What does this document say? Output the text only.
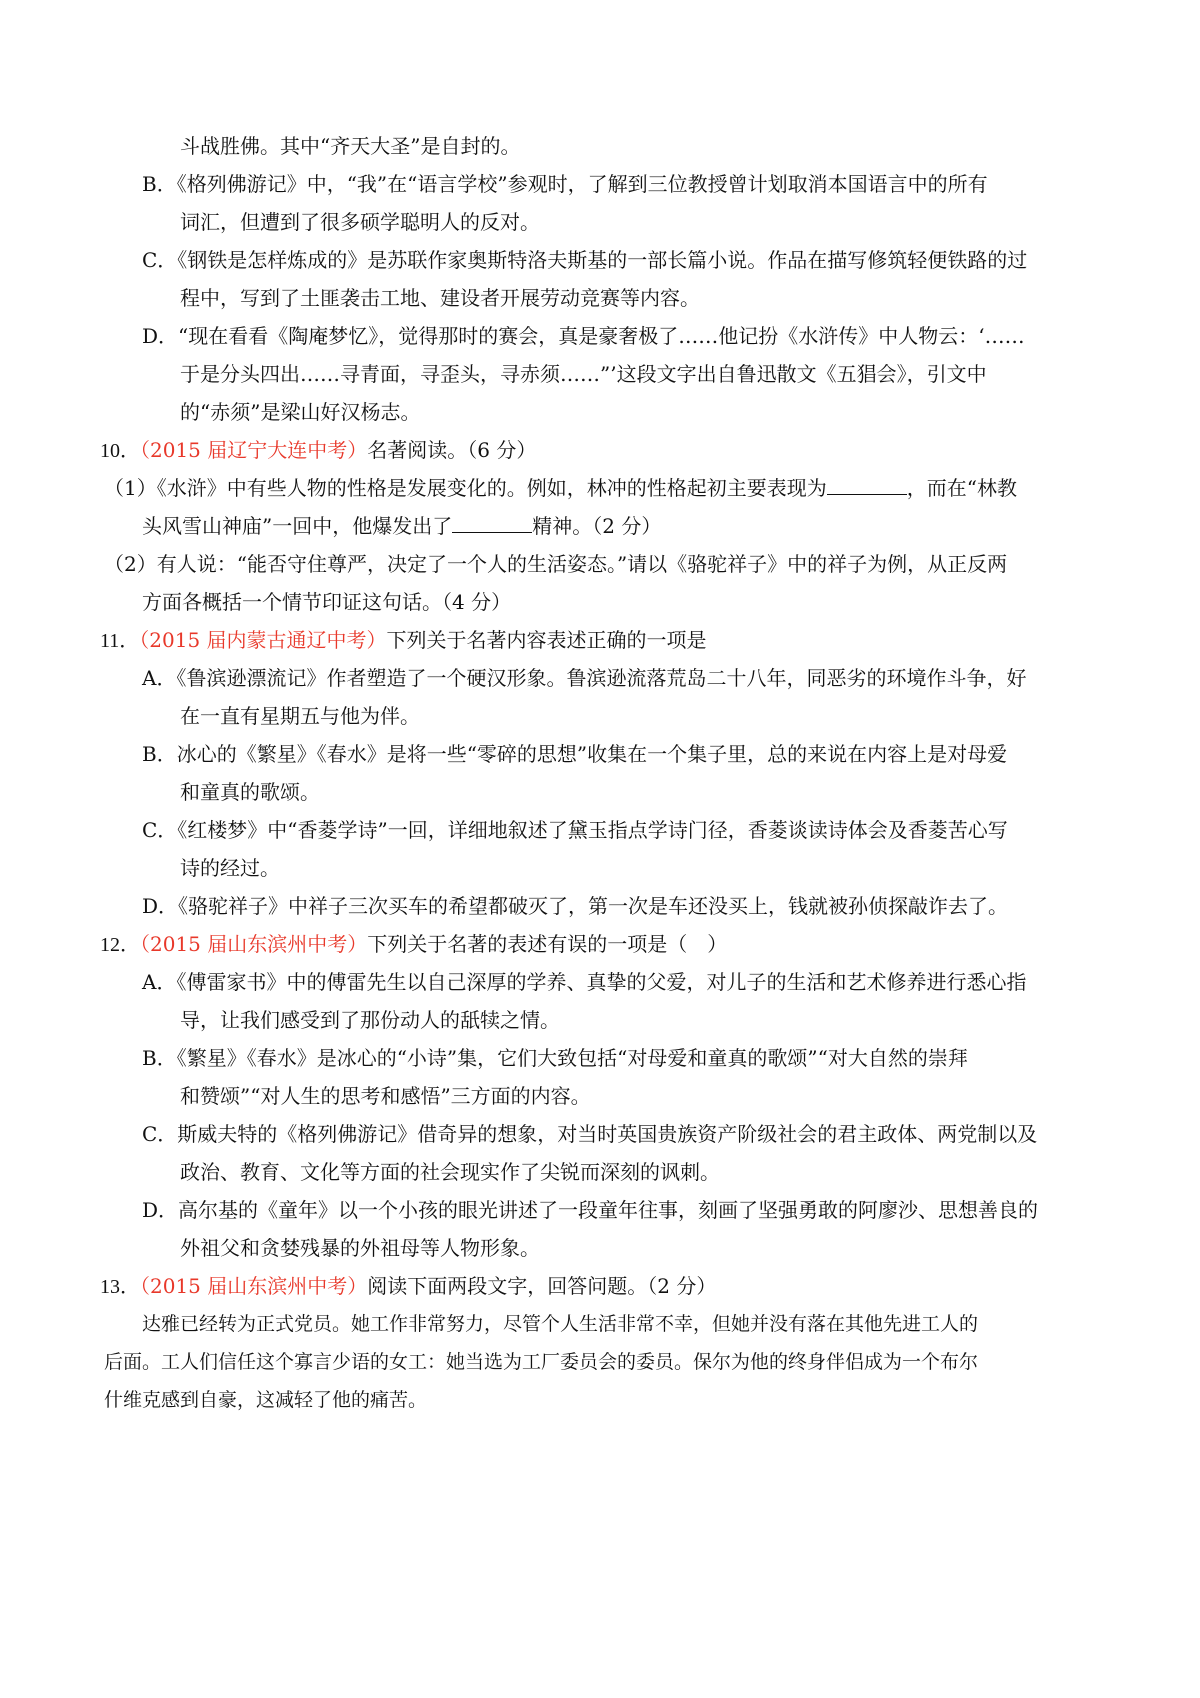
斗战胜佛。其中“齐天大圣”是自封的。
B．《格列佛游记》中，“我”在“语言学校”参观时，了解到三位教授曾计划取消本国语言中的所有
词汇，但遭到了很多硕学聪明人的反对。
C．《钢铁是怎样炼成的》是苏联作家奥斯特洛夫斯基的一部长篇小说。作品在描写修筑轻便铁路的过
程中，写到了土匪袭击工地、建设者开展劳动竞赛等内容。
D．“现在看看《陶庵梦忆》，觉得那时的赛会，真是豪奢极了……他记扮《水浒传》中人物云：‘……
于是分头四出……寻青面，寻歪头，寻赤须……”’这段文字出自鲁迅散文《五猖会》，引文中
的“赤须”是梁山好汉杨志。
10．（2015 届辽宁大连中考）名著阅读。（6 分）
（1）《水浒》中有些人物的性格是发展变化的。例如，林冲的性格起初主要表现为	，而在“林教
头风雪山神庙”一回中，他爆发出了	精神。（2 分）
（2）有人说：“能否守住尊严，决定了一个人的生活姿态。”请以《骆驼祥子》中的祥子为例，从正反两
方面各概括一个情节印证这句话。（4 分）
11．（2015 届内蒙古通辽中考）下列关于名著内容表述正确的一项是
A．《鲁滨逊漂流记》作者塑造了一个硬汉形象。鲁滨逊流落荒岛二十八年，同恶劣的环境作斗争，好
在一直有星期五与他为伴。
B．冰心的《繁星》《春水》是将一些“零碎的思想”收集在一个集子里，总的来说在内容上是对母爱
和童真的歌颂。
C．《红楼梦》中“香菱学诗”一回，详细地叙述了黛玉指点学诗门径，香菱谈读诗体会及香菱苦心写
诗的经过。
D．《骆驼祥子》中祥子三次买车的希望都破灭了，第一次是车还没买上，钱就被孙侦探敲诈去了。
12．（2015 届山东滨州中考）下列关于名著的表述有误的一项是（　）
A．《傅雷家书》中的傅雷先生以自己深厚的学养、真挚的父爱，对儿子的生活和艺术修养进行悉心指
导，让我们感受到了那份动人的舐犊之情。
B．《繁星》《春水》是冰心的“小诗”集，它们大致包括“对母爱和童真的歌颂”“对大自然的崇拜
和赞颂”“对人生的思考和感悟”三方面的内容。
C．斯威夫特的《格列佛游记》借奇异的想象，对当时英国贵族资产阶级社会的君主政体、两党制以及
政治、教育、文化等方面的社会现实作了尖锐而深刻的讽刺。
D．高尔基的《童年》以一个小孩的眼光讲述了一段童年往事，刻画了坚强勇敢的阿廖沙、思想善良的
外祖父和贪婪残暴的外祖母等人物形象。
13．（2015 届山东滨州中考）阅读下面两段文字，回答问题。（2 分）
达雅已经转为正式党员。她工作非常努力，尽管个人生活非常不幸，但她并没有落在其他先进工人的
后面。工人们信任这个寡言少语的女工：她当选为工厂委员会的委员。保尔为他的终身伴侣成为一个布尔
什维克感到自豪，这减轻了他的痛苦。
